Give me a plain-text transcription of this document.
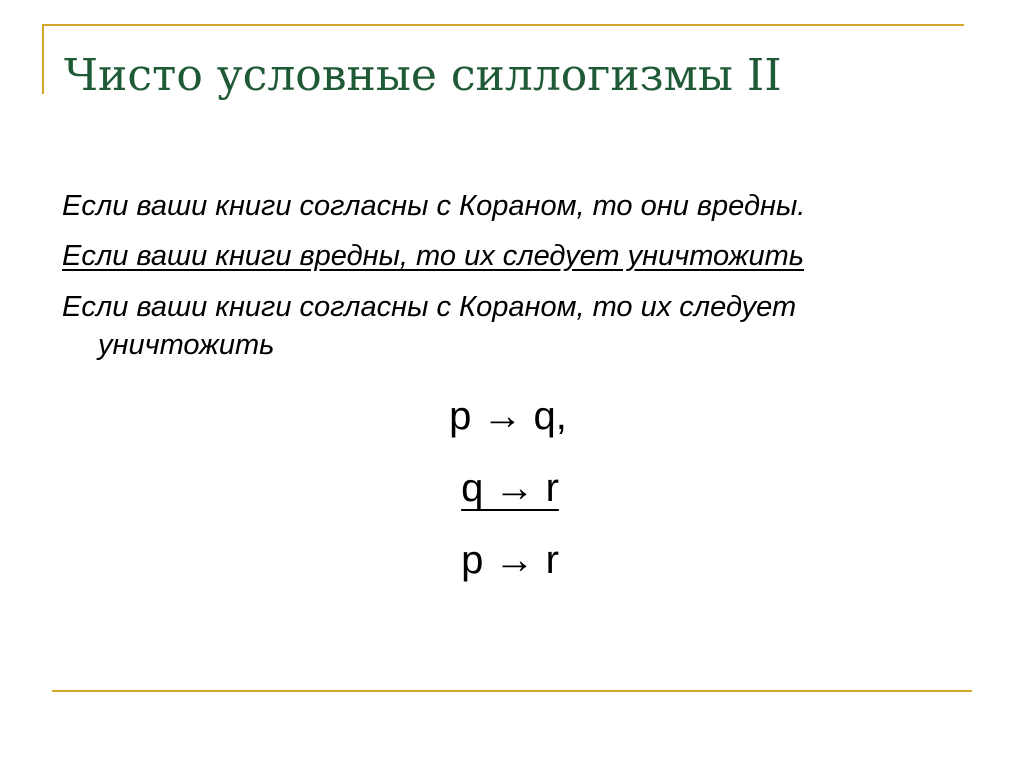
Чисто условные силлогизмы II

Если ваши книги согласны с Кораном, то они вредны.

Если ваши книги вредны, то их следует уничтожить

Если ваши книги согласны с Кораном, то их следует уничтожить

p → q,
q → r
p → r
